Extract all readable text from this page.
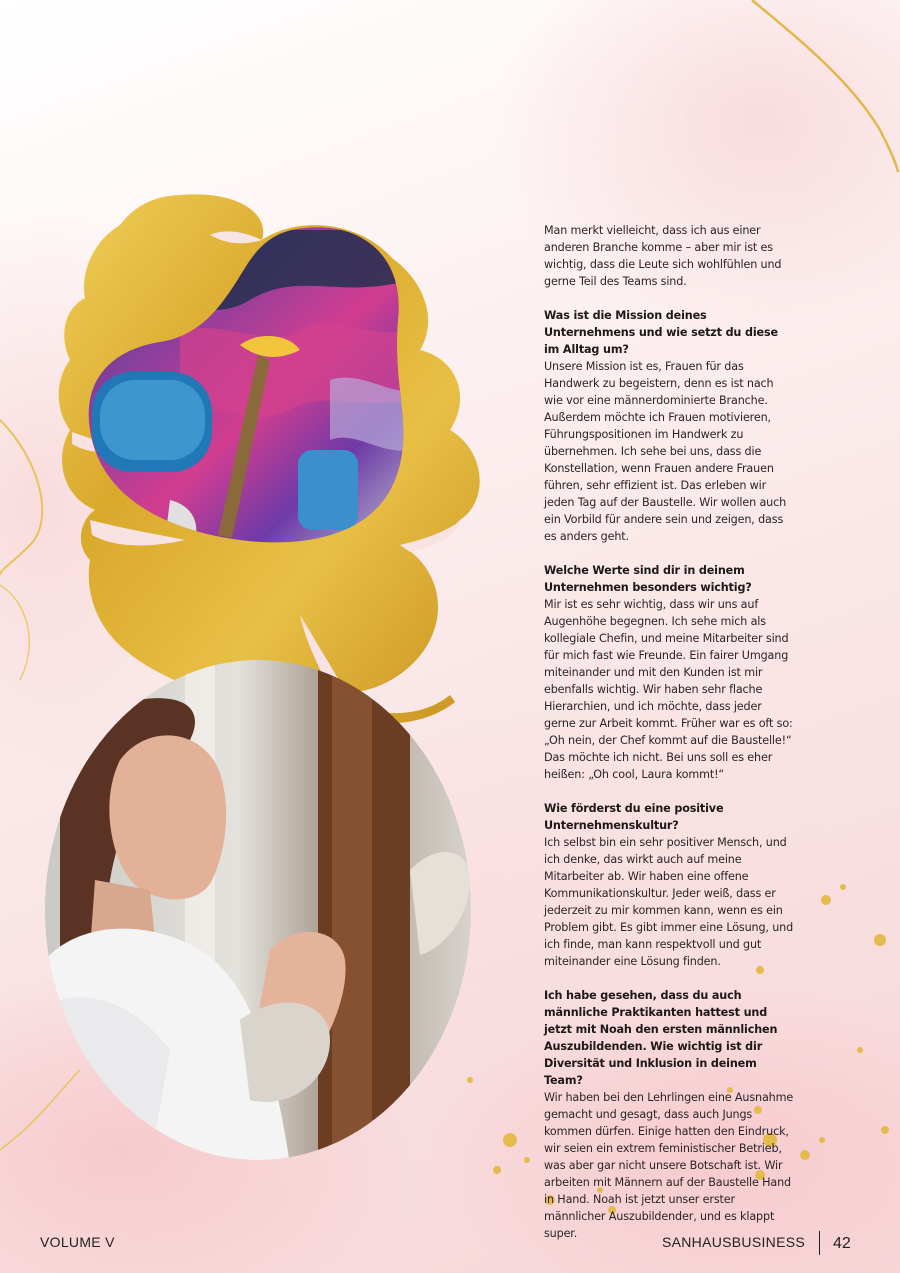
Man merkt vielleicht, dass ich aus einer anderen Branche komme – aber mir ist es wichtig, dass die Leute sich wohlfühlen und gerne Teil des Teams sind.

Was ist die Mission deines Unternehmens und wie setzt du diese im Alltag um?
Unsere Mission ist es, Frauen für das Handwerk zu begeistern, denn es ist nach wie vor eine männerdominierte Branche. Außerdem möchte ich Frauen motivieren, Führungspositionen im Handwerk zu übernehmen. Ich sehe bei uns, dass die Konstellation, wenn Frauen andere Frauen führen, sehr effizient ist. Das erleben wir jeden Tag auf der Baustelle. Wir wollen auch ein Vorbild für andere sein und zeigen, dass es anders geht.

Welche Werte sind dir in deinem Unternehmen besonders wichtig?
Mir ist es sehr wichtig, dass wir uns auf Augenhöhe begegnen. Ich sehe mich als kollegiale Chefin, und meine Mitarbeiter sind für mich fast wie Freunde. Ein fairer Umgang miteinander und mit den Kunden ist mir ebenfalls wichtig. Wir haben sehr flache Hierarchien, und ich möchte, dass jeder gerne zur Arbeit kommt. Früher war es oft so: „Oh nein, der Chef kommt auf die Baustelle!“ Das möchte ich nicht. Bei uns soll es eher heißen: „Oh cool, Laura kommt!“

Wie förderst du eine positive Unternehmenskultur?
Ich selbst bin ein sehr positiver Mensch, und ich denke, das wirkt auch auf meine Mitarbeiter ab. Wir haben eine offene Kommunikationskultur. Jeder weiß, dass er jederzeit zu mir kommen kann, wenn es ein Problem gibt. Es gibt immer eine Lösung, und ich finde, man kann respektvoll und gut miteinander eine Lösung finden.

Ich habe gesehen, dass du auch männliche Praktikanten hattest und jetzt mit Noah den ersten männlichen Auszubildenden. Wie wichtig ist dir Diversität und Inklusion in deinem Team?
Wir haben bei den Lehrlingen eine Ausnahme gemacht und gesagt, dass auch Jungs kommen dürfen. Einige hatten den Eindruck, wir seien ein extrem feministischer Betrieb, was aber gar nicht unsere Botschaft ist. Wir arbeiten mit Männern auf der Baustelle Hand in Hand. Noah ist jetzt unser erster männlicher Auszubildender, und es klappt super.

VOLUME V	SANHAUSBUSINESS 42
